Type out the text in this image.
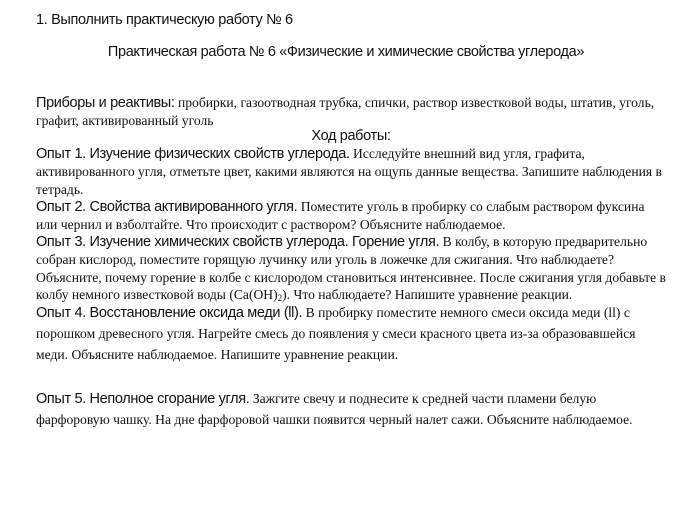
1. Выполнить практическую работу № 6
Практическая работа № 6 «Физические и химические свойства углерода»

Приборы и реактивы: пробирки, газоотводная трубка, спички, раствор известковой воды, штатив, уголь, графит, активированный уголь

Ход работы:

Опыт 1. Изучение физических свойств углерода. Исследуйте внешний вид угля, графита, активированного угля, отметьте цвет, какими являются на ощупь данные вещества. Запишите наблюдения в тетрадь.

Опыт 2. Свойства активированного угля. Поместите уголь в пробирку со слабым раствором фуксина или чернил и взболтайте. Что происходит с раствором? Объясните наблюдаемое.

Опыт 3. Изучение химических свойств углерода. Горение угля. В колбу, в которую предварительно собран кислород, поместите горящую лучинку или уголь в ложечке для сжигания. Что наблюдаете? Объясните, почему горение в колбе с кислородом становиться интенсивнее. После сжигания угля добавьте в колбу немного известковой воды $(Са(ОН)_2)$. Что наблюдаете? Напишите уравнение реакции.

Опыт 4. Восстановление оксида меди (ll). В пробирку поместите немного смеси оксида меди (ll) с порошком древесного угля. Нагрейте смесь до появления у смеси красного цвета из-за образовавшейся меди. Объясните наблюдаемое. Напишите уравнение реакции.

Опыт 5. Неполное сгорание угля. Зажгите свечу и поднесите к средней части пламени белую фарфоровую чашку. На дне фарфоровой чашки появится черный налет сажи. Объясните наблюдаемое.
